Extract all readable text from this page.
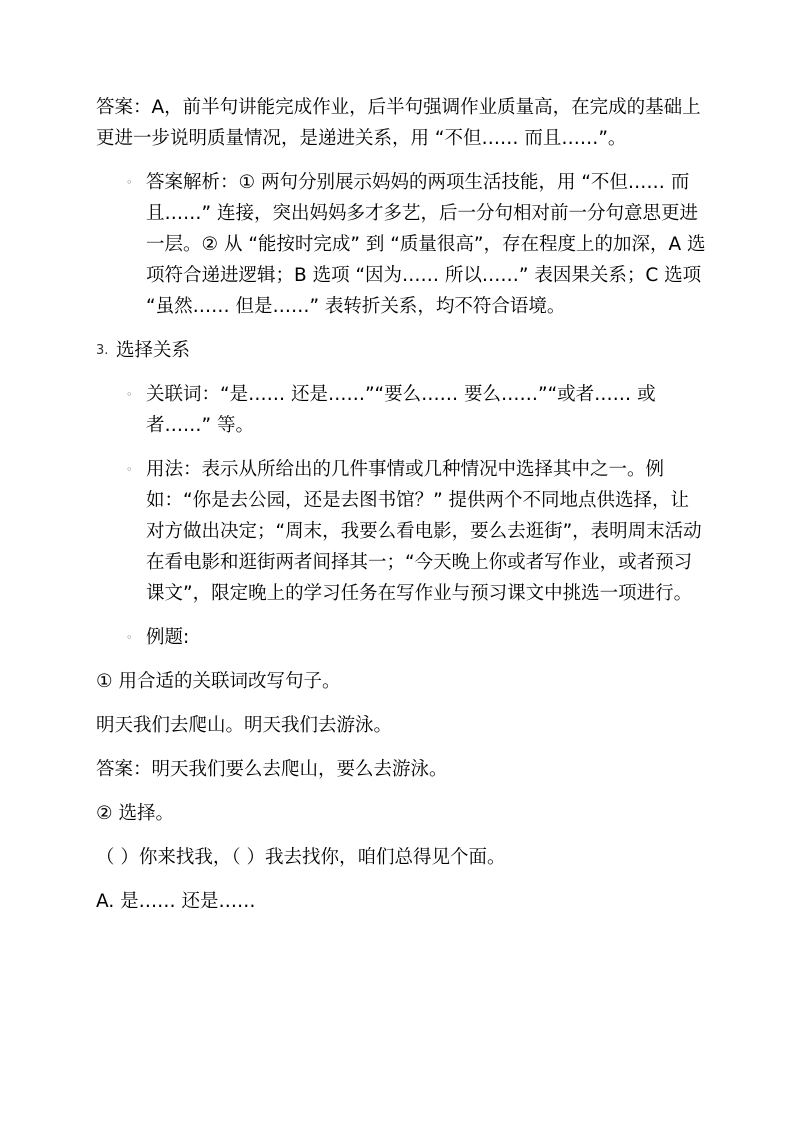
答案：A，前半句讲能完成作业，后半句强调作业质量高，在完成的基础上更进一步说明质量情况，是递进关系，用 “不但…… 而且……”。

◦ 答案解析：① 两句分别展示妈妈的两项生活技能，用 “不但…… 而且……” 连接，突出妈妈多才多艺，后一分句相对前一分句意思更进一层。② 从 “能按时完成” 到 “质量很高”，存在程度上的加深，A 选项符合递进逻辑；B 选项 “因为…… 所以……” 表因果关系；C 选项 “虽然…… 但是……” 表转折关系，均不符合语境。

3. 选择关系

◦ 关联词：“是…… 还是……”“要么…… 要么……”“或者…… 或者……” 等。

◦ 用法：表示从所给出的几件事情或几种情况中选择其中之一。例如：“你是去公园，还是去图书馆？” 提供两个不同地点供选择，让对方做出决定；“周末，我要么看电影，要么去逛街”，表明周末活动在看电影和逛街两者间择其一；“今天晚上你或者写作业，或者预习课文”，限定晚上的学习任务在写作业与预习课文中挑选一项进行。

◦ 例题:

① 用合适的关联词改写句子。

明天我们去爬山。明天我们去游泳。

答案：明天我们要么去爬山，要么去游泳。

② 选择。

（ ）你来找我，（ ）我去找你，咱们总得见个面。

A. 是…… 还是……
